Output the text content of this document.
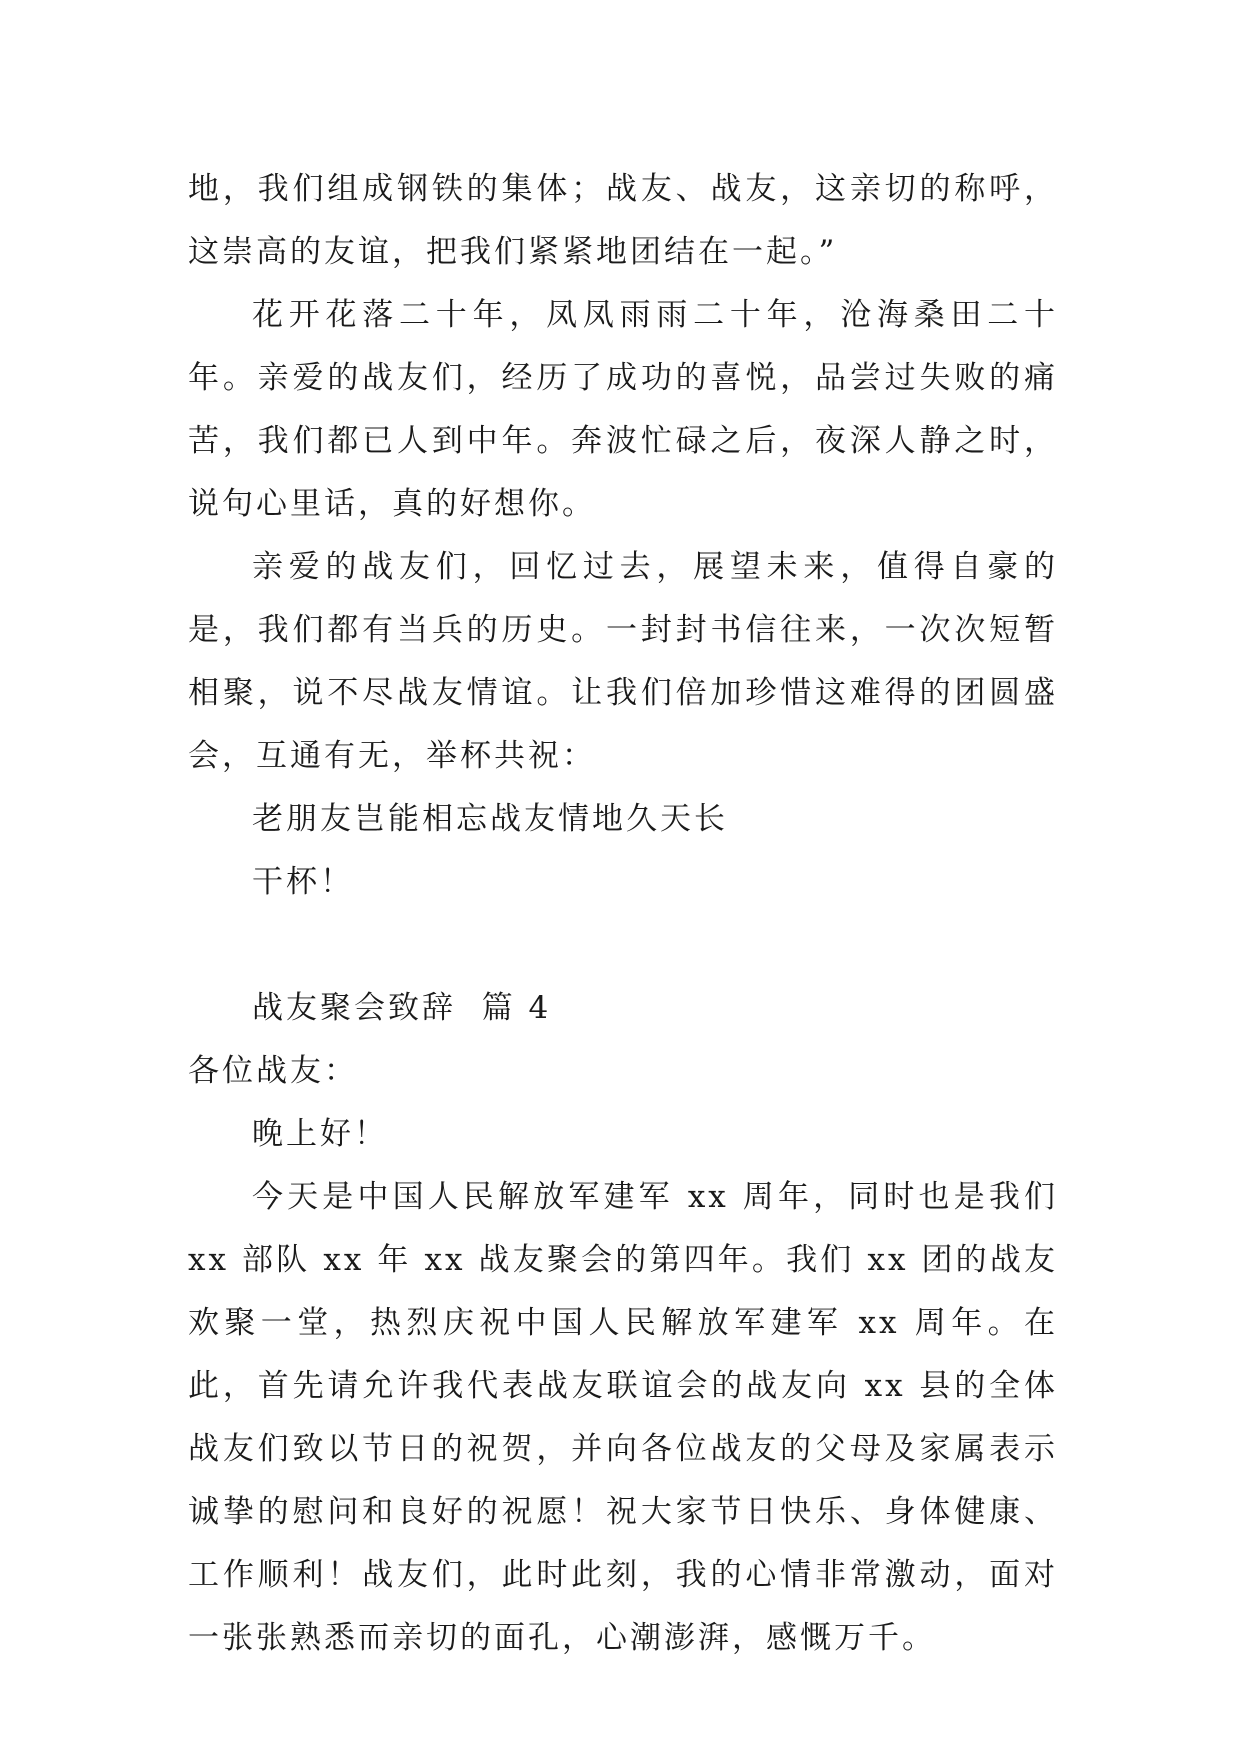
地，我们组成钢铁的集体；战友、战友，这亲切的称呼，这崇高的友谊，把我们紧紧地团结在一起。”

花开花落二十年，凤凤雨雨二十年，沧海桑田二十年。亲爱的战友们，经历了成功的喜悦，品尝过失败的痛苦，我们都已人到中年。奔波忙碌之后，夜深人静之时，说句心里话，真的好想你。

亲爱的战友们，回忆过去，展望未来，值得自豪的是，我们都有当兵的历史。一封封书信往来，一次次短暂相聚，说不尽战友情谊。让我们倍加珍惜这难得的团圆盛会，互通有无，举杯共祝：

老朋友岂能相忘战友情地久天长

干杯！

战友聚会致辞  篇 4

各位战友：

晚上好！

今天是中国人民解放军建军 xx 周年，同时也是我们 xx 部队 xx 年 xx 战友聚会的第四年。我们 xx 团的战友欢聚一堂，热烈庆祝中国人民解放军建军 xx 周年。在此，首先请允许我代表战友联谊会的战友向 xx 县的全体战友们致以节日的祝贺，并向各位战友的父母及家属表示诚挚的慰问和良好的祝愿！祝大家节日快乐、身体健康、工作顺利！战友们，此时此刻，我的心情非常激动，面对一张张熟悉而亲切的面孔，心潮澎湃，感慨万千。
